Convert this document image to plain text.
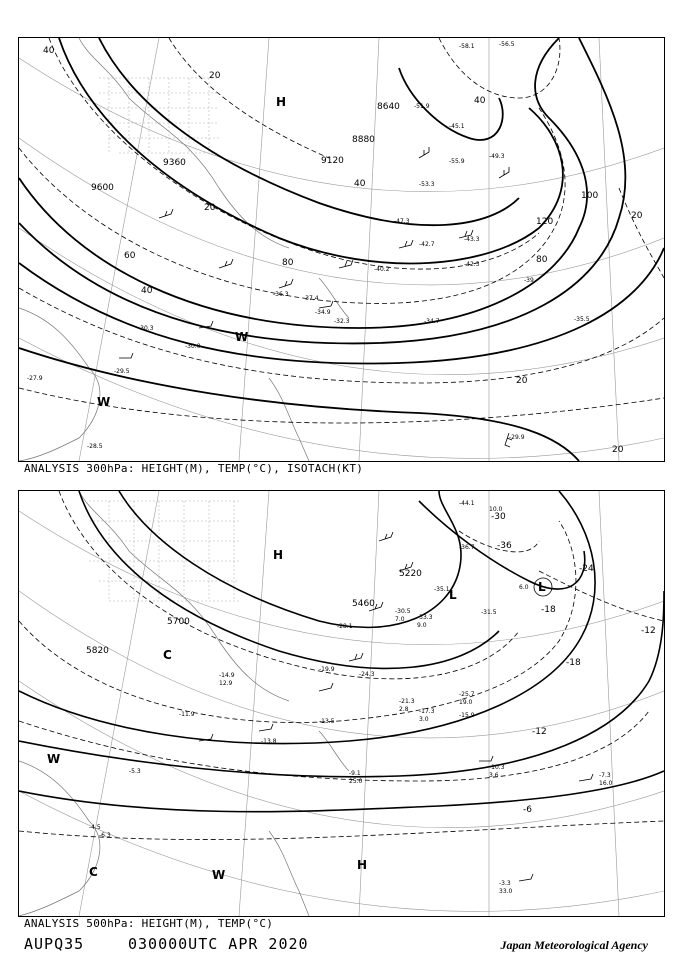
8640
8880
9120
9360
9600
20
20
20
20
20
40
40
40
40
60
80	80
100
120
H
W
W
-58.1	-56.5
-55.9
-53.3
-51.9
-49.3
-47.3
-45.1
-43.3
-42.7
-42.3
-40.2
-39
-37.4
-36.3
-35.5
-34.9
-34.7
-32.3
-30.3
-30.0
-29.9
-29.5
-28.5
-27.9
ANALYSIS 300hPa: HEIGHT(M), TEMP(°C), ISOTACH(KT)
5220
5460
5700
5820
-36
-30
-24
-18
-18
-12
-12
-6
H
H
L
L
C
W
W
C
-44.1
-36.7
-35.1
-33.3
-31.5
-30.5
-28.1
-25.7
-24.3
-21.3
-19.9
-17.3
-15.9
-14.9
-13.8
-13.5
-11.9
-10.3
-9.1	-7.3
-6.3
-5.3
-4.5
-3.3
33.0
25.0
19.0
16.0
12.9
10.0
9.0
7.0
6.0
3.6
3.0
2.8
ANALYSIS 500hPa: HEIGHT(M), TEMP(°C)
AUPQ35	030000UTC APR 2020	Japan Meteorological Agency
